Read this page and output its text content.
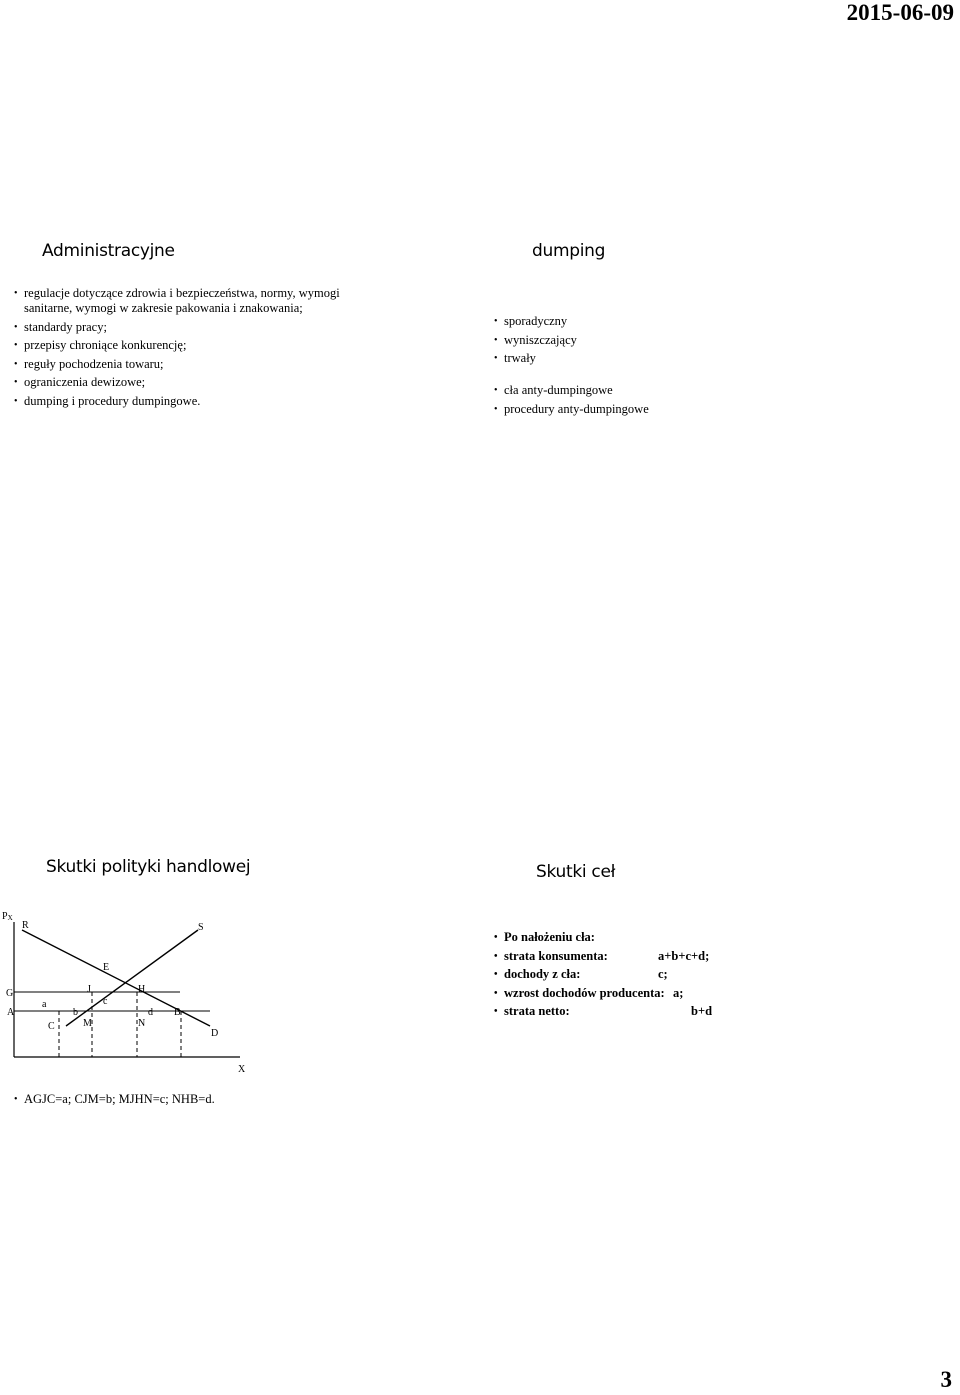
2015-06-09
Administracyjne
• regulacje dotyczące zdrowia i bezpieczeństwa, normy, wymogi
sanitarne, wymogi w zakresie pakowania i znakowania;
• standardy pracy;
• przepisy chroniące konkurencję;
• reguły pochodzenia towaru;
• ograniczenia dewizowe;
• dumping i procedury dumpingowe.
dumping
• sporadyczny
• wyniszczający
• trwały
• cła anty-dumpingowe
• procedury anty-dumpingowe
Skutki polityki handlowej
PX
R	S
E
G
A
J	H
a
b
c
d
C	M	N
B
D
X
• AGJC=a; CJM=b; MJHN=c; NHB=d.
Skutki ceł
• Po nałożeniu cła:
• strata konsumenta:	a+b+c+d;
• dochody z cła:	c;
• wzrost dochodów producenta: a;
• strata netto:	b+d
3
